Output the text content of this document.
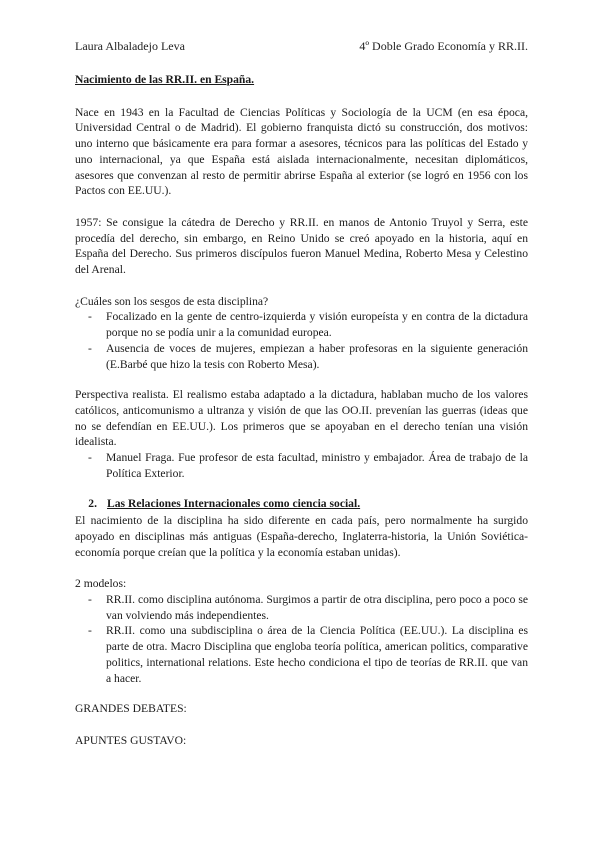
Laura Albaladejo Leva	4º Doble Grado Economía y RR.II.
Nacimiento de las RR.II. en España.

Nace en 1943 en la Facultad de Ciencias Políticas y Sociología de la UCM (en esa época, Universidad Central o de Madrid). El gobierno franquista dictó su construcción, dos motivos: uno interno que básicamente era para formar a asesores, técnicos para las políticas del Estado y uno internacional, ya que España está aislada internacionalmente, necesitan diplomáticos, asesores que convenzan al resto de permitir abrirse España al exterior (se logró en 1956 con los Pactos con EE.UU.).

1957: Se consigue la cátedra de Derecho y RR.II. en manos de Antonio Truyol y Serra, este procedía del derecho, sin embargo, en Reino Unido se creó apoyado en la historia, aquí en España del Derecho. Sus primeros discípulos fueron Manuel Medina, Roberto Mesa y Celestino del Arenal.

¿Cuáles son los sesgos de esta disciplina?

- Focalizado en la gente de centro-izquierda y visión europeísta y en contra de la dictadura porque no se podía unir a la comunidad europea.
- Ausencia de voces de mujeres, empiezan a haber profesoras en la siguiente generación (E.Barbé que hizo la tesis con Roberto Mesa).

Perspectiva realista. El realismo estaba adaptado a la dictadura, hablaban mucho de los valores católicos, anticomunismo a ultranza y visión de que las OO.II. prevenían las guerras (ideas que no se defendían en EE.UU.). Los primeros que se apoyaban en el derecho tenían una visión idealista.

- Manuel Fraga. Fue profesor de esta facultad, ministro y embajador. Área de trabajo de la Política Exterior.
2. Las Relaciones Internacionales como ciencia social.

El nacimiento de la disciplina ha sido diferente en cada país, pero normalmente ha surgido apoyado en disciplinas más antiguas (España-derecho, Inglaterra-historia, la Unión Soviética-economía porque creían que la política y la economía estaban unidas).

2 modelos:

- RR.II. como disciplina autónoma. Surgimos a partir de otra disciplina, pero poco a poco se van volviendo más independientes.
- RR.II. como una subdisciplina o área de la Ciencia Política (EE.UU.). La disciplina es parte de otra. Macro Disciplina que engloba teoría política, american politics, comparative politics, international relations. Este hecho condiciona el tipo de teorías de RR.II. que van a hacer.
GRANDES DEBATES:
APUNTES GUSTAVO:
